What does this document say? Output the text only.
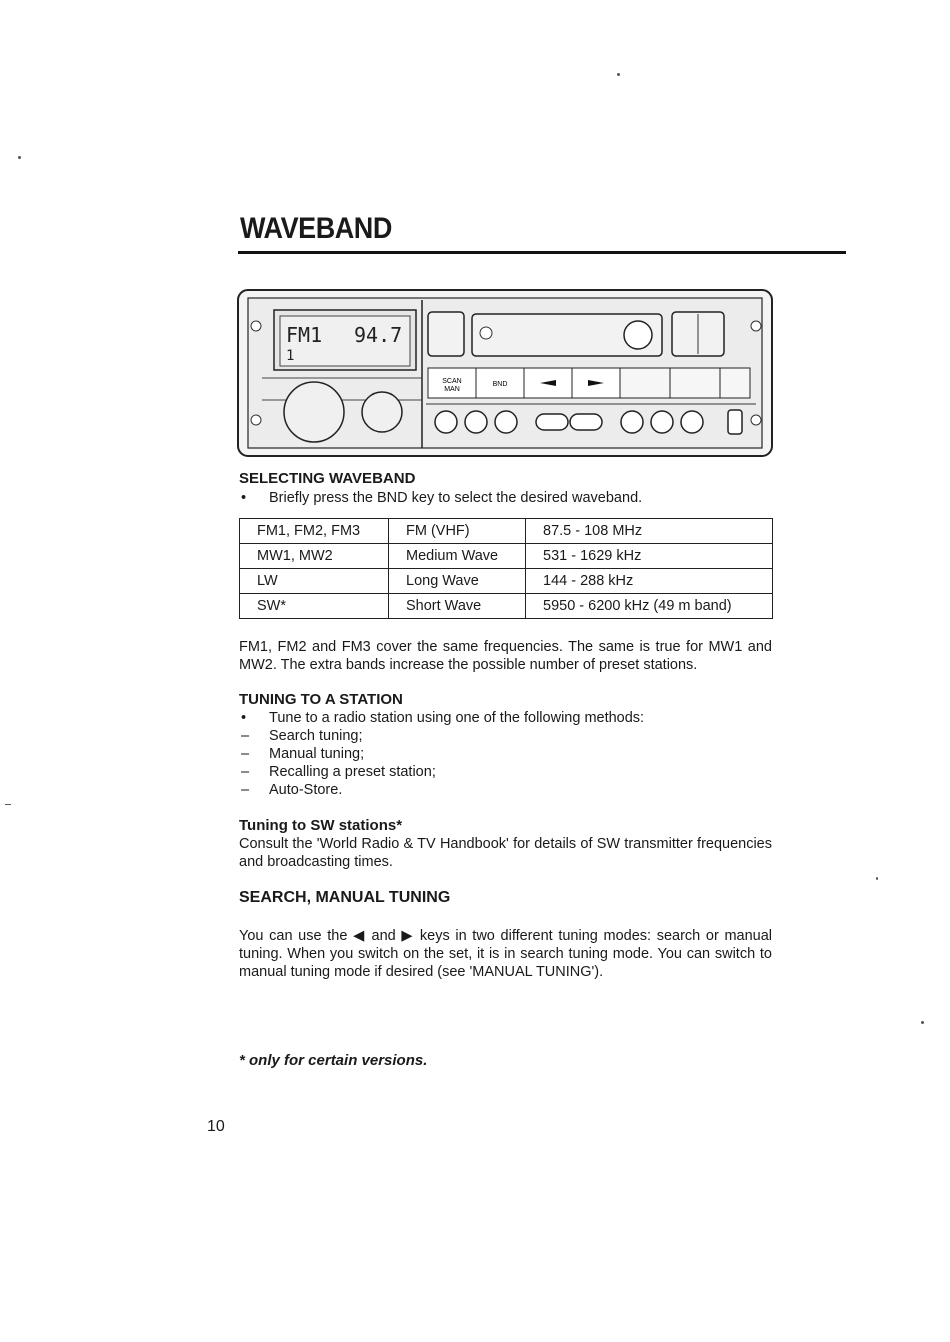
WAVEBAND
FM1 94.7
1
SCAN
MAN
BND
SELECTING WAVEBAND
•	Briefly press the BND key to select the desired waveband.
FM1, FM2, FM3	FM (VHF)	87.5 - 108 MHz
MW1, MW2	Medium Wave	531 - 1629 kHz
LW	Long Wave	144 - 288 kHz
SW*	Short Wave	5950 - 6200 kHz (49 m band)
FM1, FM2 and FM3 cover the same frequencies. The same is true for MW1 and MW2. The extra bands increase the possible number of preset stations.
TUNING TO A STATION
•	Tune to a radio station using one of the following methods:
–	Search tuning;
–	Manual tuning;
–	Recalling a preset station;
–	Auto-Store.
Tuning to SW stations*
Consult the 'World Radio & TV Handbook' for details of SW transmitter frequencies and broadcasting times.
SEARCH, MANUAL TUNING
You can use the ◀ and ▶ keys in two different tuning modes: search or manual tuning. When you switch on the set, it is in search tuning mode. You can switch to manual tuning mode if desired (see 'MANUAL TUNING').
* only for certain versions.
10
